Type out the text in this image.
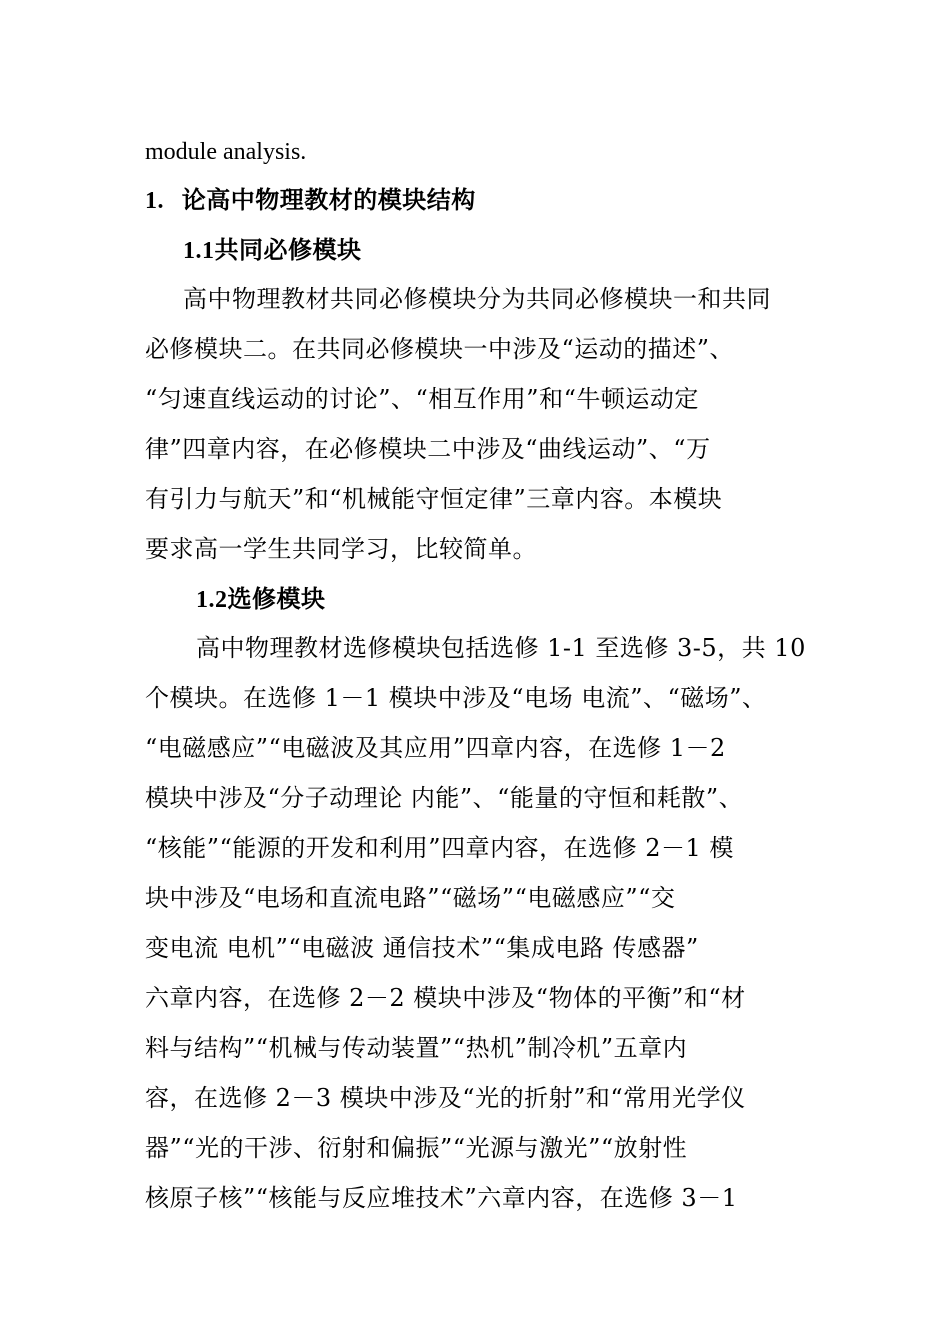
module analysis.
1. 论高中物理教材的模块结构
1.1共同必修模块
高中物理教材共同必修模块分为共同必修模块一和共同
必修模块二。在共同必修模块一中涉及“运动的描述”、
“匀速直线运动的讨论”、“相互作用”和“牛顿运动定
律”四章内容，在必修模块二中涉及“曲线运动”、“万
有引力与航天”和“机械能守恒定律”三章内容。本模块
要求高一学生共同学习，比较简单。
1.2选修模块
高中物理教材选修模块包括选修 1-1 至选修 3-5，共 10
个模块。在选修 1－1 模块中涉及“电场 电流”、“磁场”、
“电磁感应”“电磁波及其应用”四章内容，在选修 1－2
模块中涉及“分子动理论 内能”、“能量的守恒和耗散”、
“核能”“能源的开发和利用”四章内容，在选修 2－1 模
块中涉及“电场和直流电路”“磁场”“电磁感应”“交
变电流 电机”“电磁波 通信技术”“集成电路 传感器”
六章内容，在选修 2－2 模块中涉及“物体的平衡”和“材
料与结构”“机械与传动装置”“热机”制冷机”五章内
容，在选修 2－3 模块中涉及“光的折射”和“常用光学仪
器”“光的干涉、衍射和偏振”“光源与激光”“放射性
核原子核”“核能与反应堆技术”六章内容，在选修 3－1
